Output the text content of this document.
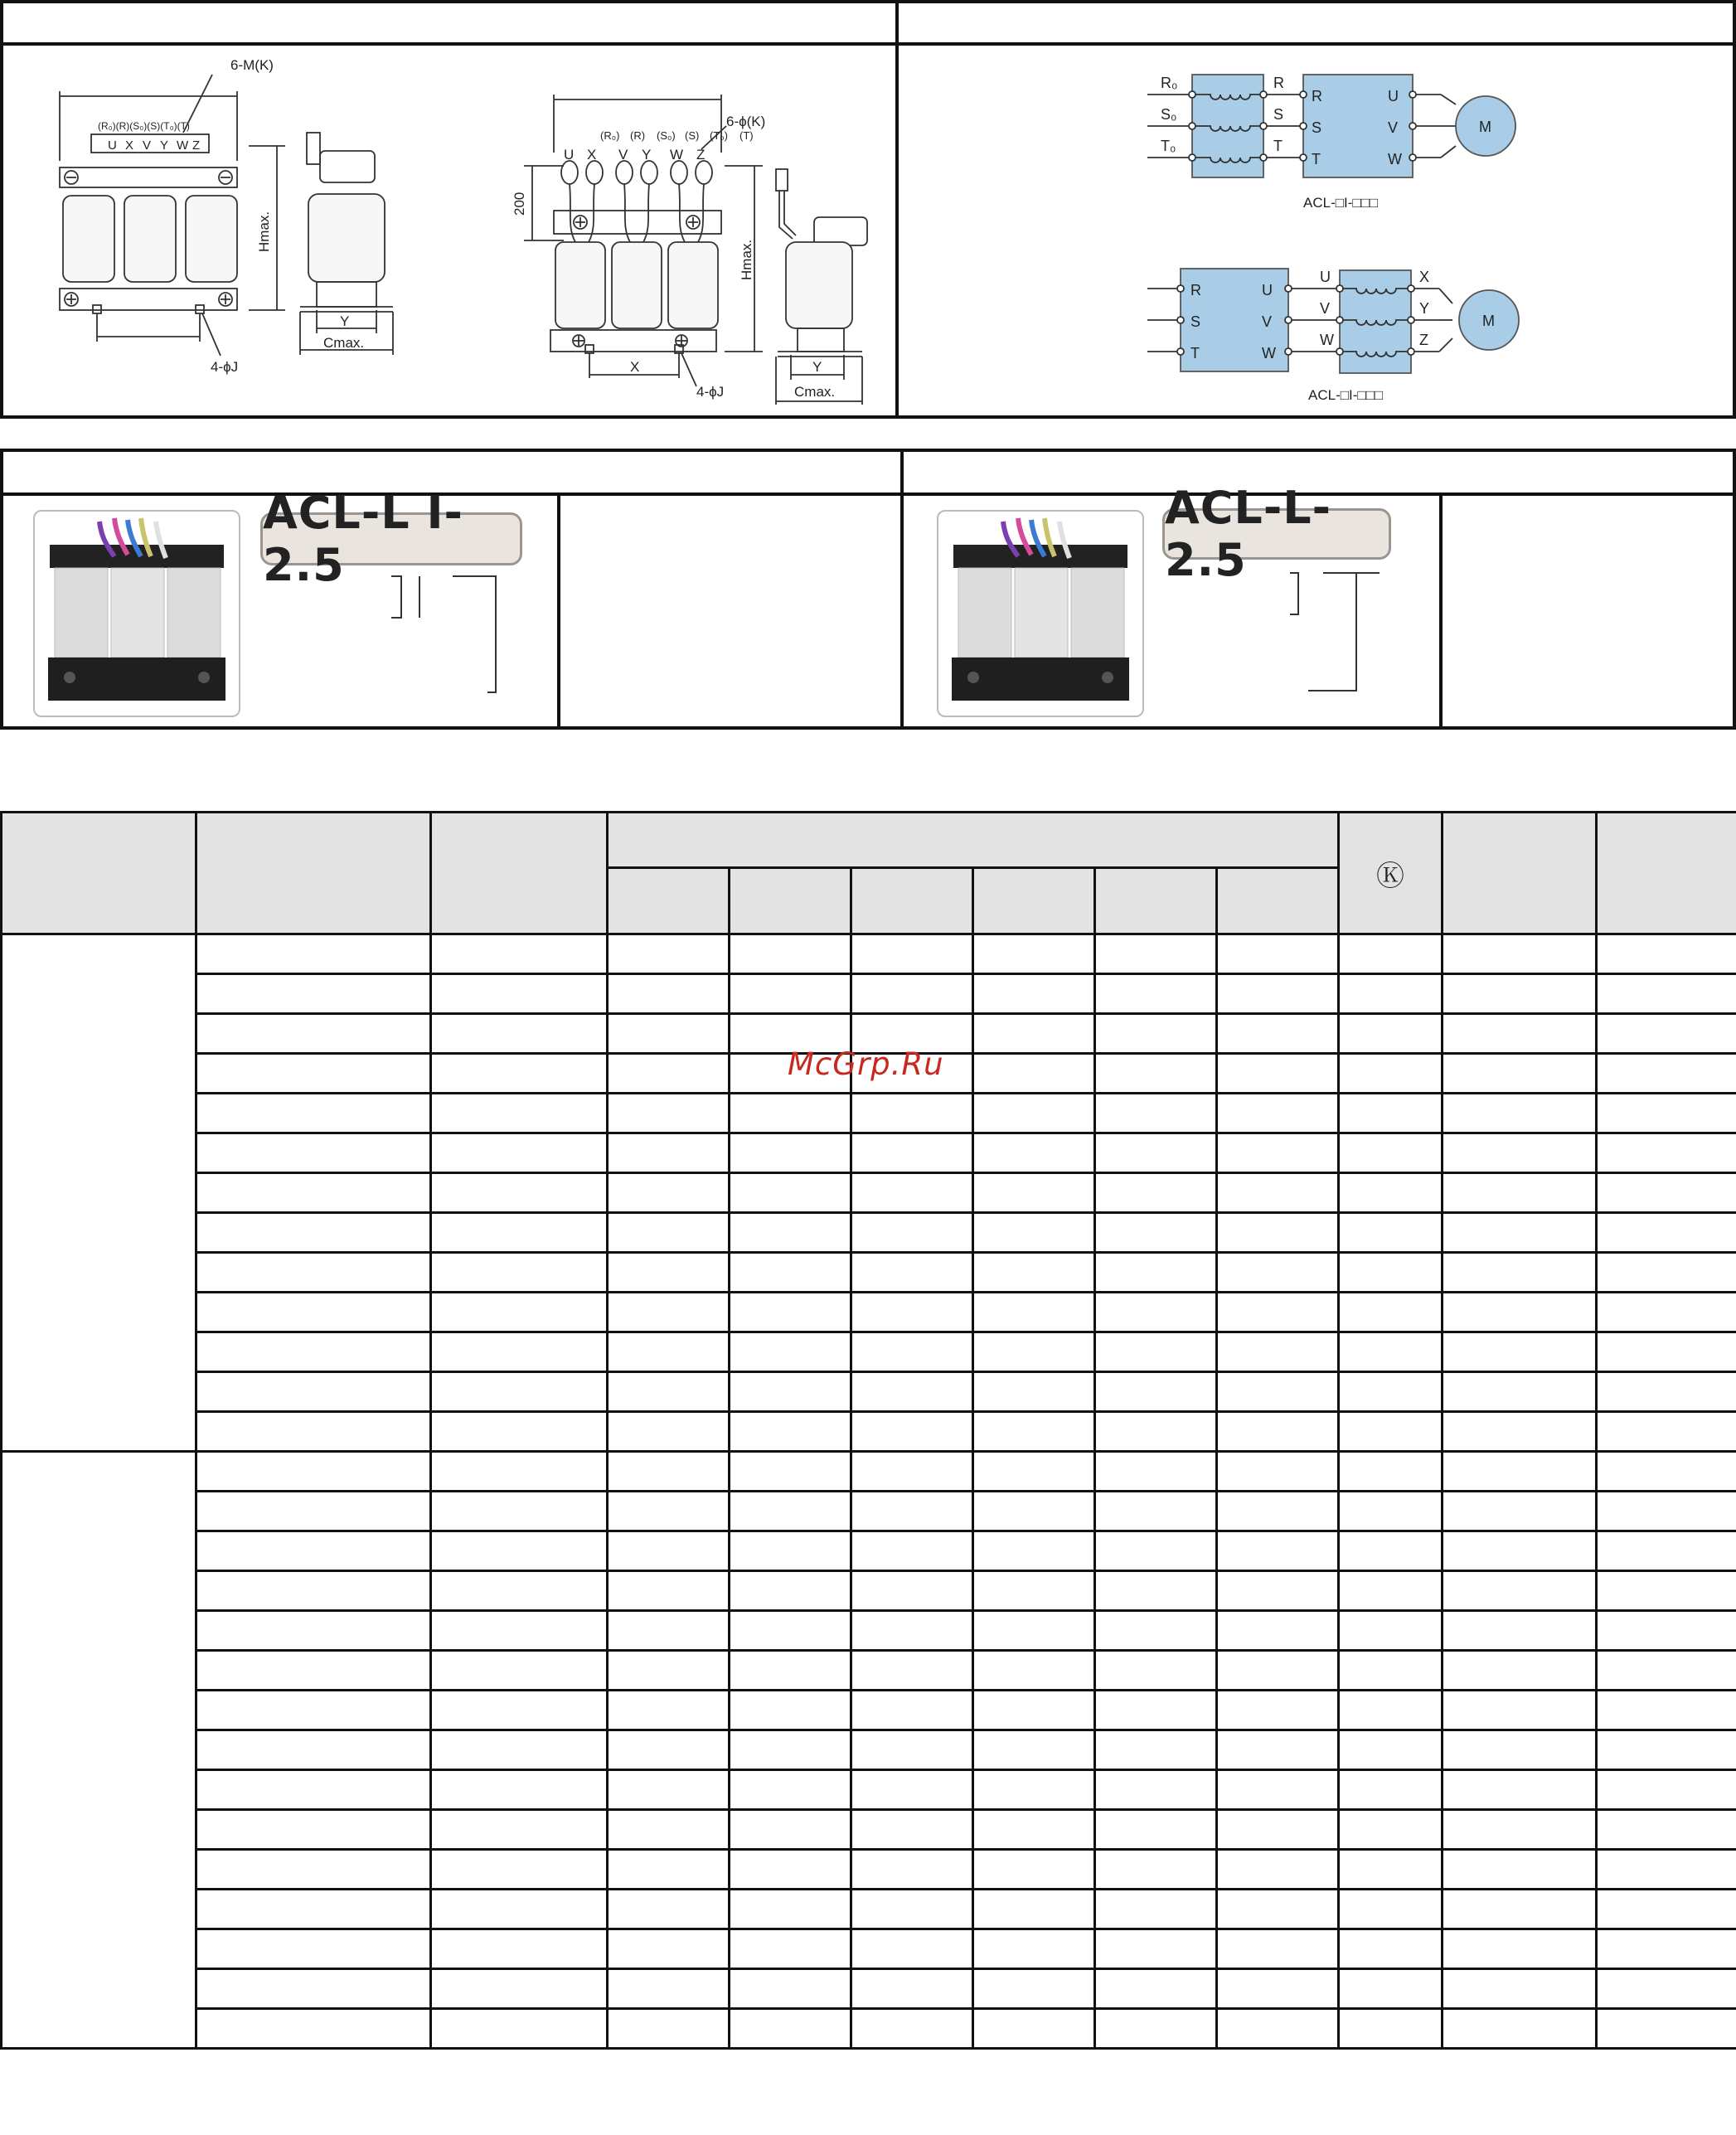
6-M(K)
(R₀)(R)(S₀)(S)(T₀)(T)
U X V Y W Z
Hmax.
4-ϕJ
Y
Cmax.
(R₀) (R) (S₀) (S) (T₀) (T)
6-ϕ(K)
U X V Y W Z
200
Hmax.
X
4-ϕJ
Y
Cmax.
R₀
S₀
T₀
R
S
T
R
S
T
U
V
W
M
ACL-□I-□□□
R
S
T
U
V
W
U
V
W
X
Y
Z
M
ACL-□I-□□□
ACL-L I-2.5
ACL-L-2.5
									Ⓚ		

McGrp.Ru
